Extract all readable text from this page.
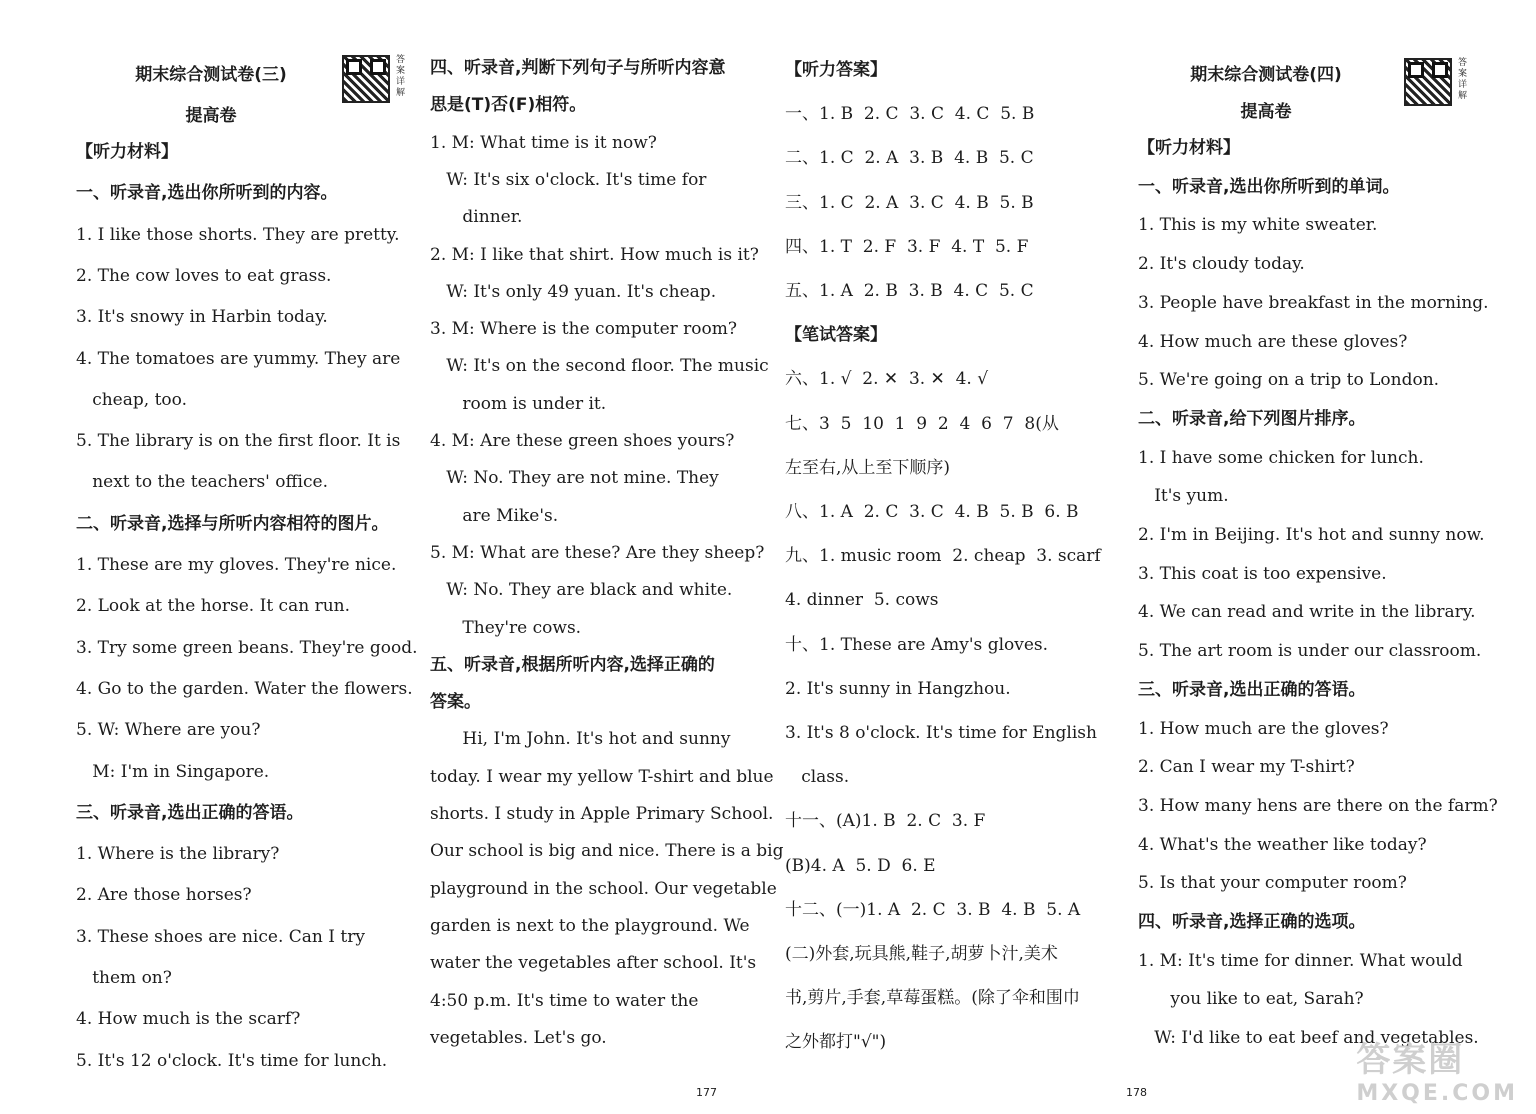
期末综合测试卷(三)
提高卷
答案详解
【听力材料】
一、听录音,选出你所听到的内容。
1. I like those shorts. They are pretty.
2. The cow loves to eat grass.
3. It's snowy in Harbin today.
4. The tomatoes are yummy. They are
cheap, too.
5. The library is on the first floor. It is
next to the teachers' office.
二、听录音,选择与所听内容相符的图片。
1. These are my gloves. They're nice.
2. Look at the horse. It can run.
3. Try some green beans. They're good.
4. Go to the garden. Water the flowers.
5. W: Where are you?
M: I'm in Singapore.
三、听录音,选出正确的答语。
1. Where is the library?
2. Are those horses?
3. These shoes are nice. Can I try
them on?
4. How much is the scarf?
5. It's 12 o'clock. It's time for lunch.
四、听录音,判断下列句子与所听内容意
思是(T)否(F)相符。
1. M: What time is it now?
W: It's six o'clock. It's time for
dinner.
2. M: I like that shirt. How much is it?
W: It's only 49 yuan. It's cheap.
3. M: Where is the computer room?
W: It's on the second floor. The music
room is under it.
4. M: Are these green shoes yours?
W: No. They are not mine. They
are Mike's.
5. M: What are these? Are they sheep?
W: No. They are black and white.
They're cows.
五、听录音,根据所听内容,选择正确的
答案。
Hi, I'm John. It's hot and sunny
today. I wear my yellow T-shirt and blue
shorts. I study in Apple Primary School.
Our school is big and nice. There is a big
playground in the school. Our vegetable
garden is next to the playground. We
water the vegetables after school. It's
4:50 p.m. It's time to water the
vegetables. Let's go.
【听力答案】
一、1. B  2. C  3. C  4. C  5. B
二、1. C  2. A  3. B  4. B  5. C
三、1. C  2. A  3. C  4. B  5. B
四、1. T  2. F  3. F  4. T  5. F
五、1. A  2. B  3. B  4. C  5. C
【笔试答案】
六、1. √  2. ✕  3. ✕  4. √
七、3  5  10  1  9  2  4  6  7  8(从
左至右,从上至下顺序)
八、1. A  2. C  3. C  4. B  5. B  6. B
九、1. music room  2. cheap  3. scarf
4. dinner  5. cows
十、1. These are Amy's gloves.
2. It's sunny in Hangzhou.
3. It's 8 o'clock. It's time for English
class.
十一、(A)1. B  2. C  3. F
(B)4. A  5. D  6. E
十二、(一)1. A  2. C  3. B  4. B  5. A
(二)外套,玩具熊,鞋子,胡萝卜汁,美术
书,剪片,手套,草莓蛋糕。(除了伞和围巾
之外都打"√")
期末综合测试卷(四)
提高卷
答案详解
【听力材料】
一、听录音,选出你所听到的单词。
1. This is my white sweater.
2. It's cloudy today.
3. People have breakfast in the morning.
4. How much are these gloves?
5. We're going on a trip to London.
二、听录音,给下列图片排序。
1. I have some chicken for lunch.
It's yum.
2. I'm in Beijing. It's hot and sunny now.
3. This coat is too expensive.
4. We can read and write in the library.
5. The art room is under our classroom.
三、听录音,选出正确的答语。
1. How much are the gloves?
2. Can I wear my T-shirt?
3. How many hens are there on the farm?
4. What's the weather like today?
5. Is that your computer room?
四、听录音,选择正确的选项。
1. M: It's time for dinner. What would
you like to eat, Sarah?
W: I'd like to eat beef and vegetables.
177	178
答案圈
MXQE.COM
